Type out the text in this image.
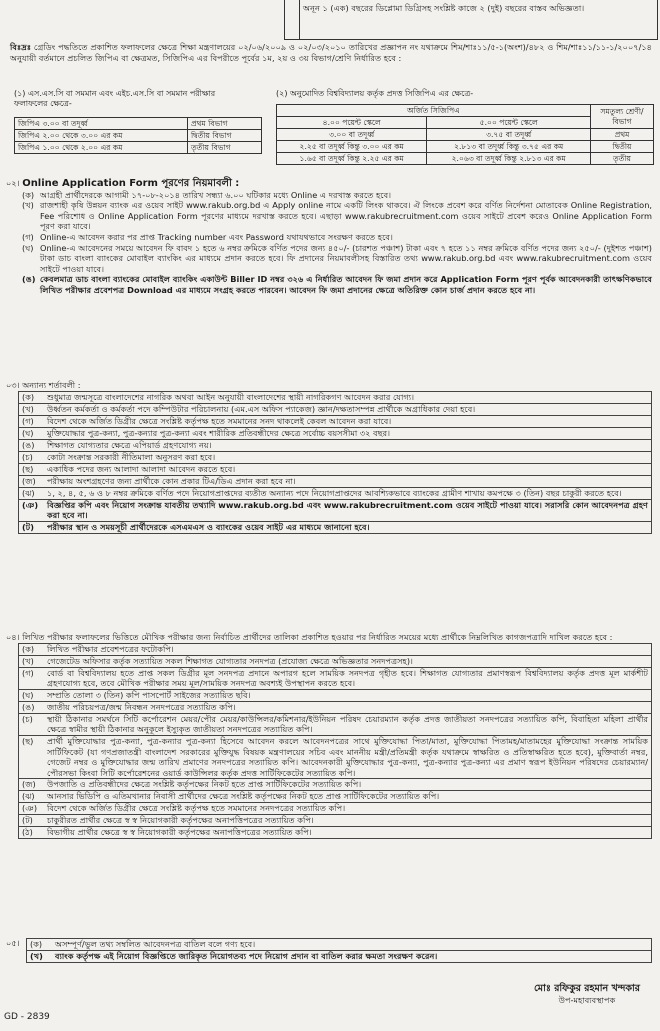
অনূন ১ (এক) বছরের ডিপ্লোমা ডিগ্রিসহ সংশ্লিষ্ট কাজে ২ (দুই) বছরের বাস্তব অভিজ্ঞতা।
বিঃদ্রঃ গ্রেডিং পদ্ধতিতে প্রকাশিত ফলাফলের ক্ষেত্রে শিক্ষা মন্ত্রণালয়ের ০২/০৬/২০০৯ ও ০২/০৩/২০১০ তারিখের প্রজ্ঞাপন নং যথাক্রমে শিম/শাঃ১১/৫-১(অংশ)/৪৮২ ও শিম/শাঃ১১/১১-১/২০০৭/১৪ অনুযায়ী বর্তমানে প্রচলিত জিপিএ বা ক্ষেত্রমত, সিজিপিএ এর বিপরীতে পূর্বের ১ম, ২য় ও ৩য় বিভাগ/শ্রেণি নির্ধারিত হবে :
(১) এস.এস.সি বা সমমান এবং এইচ.এস.সি বা সমমান পরীক্ষার ফলাফলের ক্ষেত্রে-
(২) অনুমোদিত বিশ্ববিদ্যালয় কর্তৃক প্রদত্ত সিজিপিএ এর ক্ষেত্রে-
জিপিএ ৩.০০ বা তদূর্ধ্ব	প্রথম বিভাগ
জিপিএ ২.০০ থেকে ৩.০০ এর কম	দ্বিতীয় বিভাগ
জিপিএ ১.০০ থেকে ২.০০ এর কম	তৃতীয় বিভাগ
অর্জিত সিজিপিএ		সমতুল্য শ্রেণী/বিভাগ
৪.০০ পয়েন্ট স্কেলে	৫.০০ পয়েন্ট স্কেলে	
৩.০০ বা তদূর্ধ্ব	৩.৭৫ বা তদূর্ধ্ব	প্রথম
২.২৫ বা তদূর্ধ্ব কিন্তু ৩.০০ এর কম	২.৮১৩ বা তদূর্ধ্ব কিন্তু ৩.৭৫ এর কম	দ্বিতীয়
১.৬৫ বা তদূর্ধ্ব কিন্তু ২.২৫ এর কম	২.০৬৩ বা তদূর্ধ্ব কিন্তু ২.৮১৩ এর কম	তৃতীয়
০২। Online Application Form পূরণের নিয়মাবলী :
(ক) আগ্রহী প্রার্থীদেরকে আগামী ১৭-০৮-২০১৪ তারিখ সন্ধ্যা ৬.০০ ঘটিকার মধ্যে Online এ দরখাস্ত করতে হবে।
(খ) রাজশাহী কৃষি উন্নয়ন ব্যাংক এর ওয়েব সাইট www.rakub.org.bd এ Apply online নামে একটি লিংক থাকবে। ঐ লিংকে প্রবেশ করে বর্ণিত নির্দেশনা মোতাবেক Online Registration, Fee পরিশোধ ও Online Application Form পূরণের মাধ্যমে দরখাস্ত করতে হবে। এছাড়া www.rakubrecruitment.com ওয়েব সাইটে প্রবেশ করেও Online Application Form পূরণ করা যাবে।
(গ) Online-এ আবেদন করার পর প্রাপ্ত Tracking number এবং Password যথাযথভাবে সংরক্ষণ করতে হবে।
(ঘ) Online-এ আবেদনের সময়ে আবেদন ফি বাবদ ১ হতে ৬ নম্বর ক্রমিকে বর্ণিত পদের জন্য ৪৫০/- (চারশত পঞ্চাশ) টাকা এবং ৭ হতে ১১ নম্বর ক্রমিকে বর্ণিত পদের জন্য ২৫০/- (দুইশত পঞ্চাশ) টাকা ডাচ বাংলা ব্যাংকের মোবাইল ব্যাংকিং এর মাধ্যমে প্রদান করতে হবে। ফি প্রদানের নিয়মাবলীসহ বিস্তারিত তথ্য www.rakub.org.bd এবং www.rakubrecruitment.com ওয়েব সাইটে পাওয়া যাবে।
(ঙ) কেবলমাত্র ডাচ বাংলা ব্যাংকের মোবাইল ব্যাংকিং একাউন্ট Biller ID নম্বর ৩২৬ এ নির্ধারিত আবেদন ফি জমা প্রদান করে Application Form পূরণ পূর্বক আবেদনকারী তাৎক্ষণিকভাবে লিখিত পরীক্ষার প্রবেশপত্র Download এর মাধ্যমে সংগ্রহ করতে পারবেন। আবেদন ফি জমা প্রদানের ক্ষেত্রে অতিরিক্ত কোন চার্জ প্রদান করতে হবে না।
০৩। অন্যান্য শর্তাবলী :
(ক) শুধুমাত্র জন্মসূত্রে বাংলাদেশের নাগরিক অথবা আইন অনুযায়ী বাংলাদেশের স্থায়ী নাগরিকগণ আবেদন করার যোগ্য।
(খ) উর্ধ্বতন কর্মকর্তা ও কর্মকর্তা পদে কম্পিউটার পরিচালনায় (এম.এস অফিস প্যাকেজ) জ্ঞান/দক্ষতাসম্পন্ন প্রার্থীকে অগ্রাধিকার দেয়া হবে।
(গ) বিদেশ থেকে অর্জিত ডিগ্রীর ক্ষেত্রে সংশ্লিষ্ট কর্তৃপক্ষ হতে সমমানের সনদ থাকলেই কেবল আবেদন করা যাবে।
(ঘ) মুক্তিযোদ্ধার পুত্র-কন্যা, পুত্র-কন্যার পুত্র-কন্যা এবং শারীরিক প্রতিবন্ধীদের ক্ষেত্রে সর্বোচ্চ বয়সসীমা ৩২ বছর।
(ঙ) শিক্ষাগত যোগ্যতার ক্ষেত্রে এপিয়ার্ড গ্রহণযোগ্য নয়।
(চ) কোটা সংক্রান্ত সরকারী নীতিমালা অনুসরণ করা হবে।
(ছ) একাধিক পদের জন্য আলাদা আলাদা আবেদন করতে হবে।
(জ) পরীক্ষায় অংশগ্রহণের জন্য প্রার্থীকে কোন প্রকার টিএ/ডিএ প্রদান করা হবে না।
(ঝ) ১, ২, ৪, ৫, ৬ ও ৮ নম্বর ক্রমিকে বর্ণিত পদে নিয়োগপ্রাপ্তদের ব্যতীত অন্যান্য পদে নিয়োগপ্রাপ্তদের আবশ্যিকভাবে ব্যাংকের গ্রামীণ শাখায় কমপক্ষে ৩ (তিন) বছর চাকুরী করতে হবে।
(ঞ) বিজ্ঞপ্তির কপি এবং নিয়োগ সংক্রান্ত যাবতীয় তথ্যাদি www.rakub.org.bd এবং www.rakubrecruitment.com ওয়েব সাইটে পাওয়া যাবে। সরাসরি কোন আবেদনপত্র গ্রহণ করা হবে না।
(ট) পরীক্ষার স্থান ও সময়সূচী প্রার্থীদেরকে এসএমএস ও ব্যাংকের ওয়েব সাইট এর মাধ্যমে জানানো হবে।
০৪। লিখিত পরীক্ষার ফলাফলের ভিত্তিতে মৌখিক পরীক্ষার জন্য নির্বাচিত প্রার্থীদের তালিকা প্রকাশিত হওয়ার পর নির্ধারিত সময়ের মধ্যে প্রার্থীকে নিম্নলিখিত কাগজপত্রাদি দাখিল করতে হবে :
(ক) লিখিত পরীক্ষার প্রবেশপত্রের ফটোকপি।
(খ) গেজেটেড অফিসার কর্তৃক সত্যায়িত সকল শিক্ষাগত যোগ্যতার সনদপত্র (প্রযোজ্য ক্ষেত্রে অভিজ্ঞতার সনদপত্রসহ)।
(গ) বোর্ড বা বিশ্ববিদ্যালয় হতে প্রাপ্ত সকল ডিগ্রীর মূল সনদপত্র প্রদানে অপারগ হলে সাময়িক সনদপত্র গৃহীত হবে। শিক্ষাগত যোগ্যতার প্রমাণস্বরূপ বিশ্ববিদ্যালয় কর্তৃক প্রদত্ত মূল মার্কশীট গ্রহণযোগ্য হবে, তবে মৌখিক পরীক্ষার সময় মূল/সাময়িক সনদপত্র অবশ্যই উপস্থাপন করতে হবে।
(ঘ) সম্প্রতি তোলা ৩ (তিন) কপি পাসপোর্ট সাইজের সত্যায়িত ছবি।
(ঙ) জাতীয় পরিচয়পত্র/জন্ম নিবন্ধন সনদপত্রের সত্যায়িত কপি।
(চ) স্থায়ী ঠিকানার সমর্থনে সিটি কর্পোরেশন মেয়র/পৌর মেয়র/কাউন্সিলর/কমিশনার/ইউনিয়ন পরিষদ চেয়ারম্যান কর্তৃক প্রদত্ত জাতীয়তা সনদপত্রের সত্যায়িত কপি, বিবাহিতা মহিলা প্রার্থীর ক্ষেত্রে স্বামীর স্থায়ী ঠিকানার অনুকূলে ইস্যুকৃত জাতীয়তা সনদপত্রের সত্যায়িত কপি।
(ছ) প্রার্থী মুক্তিযোদ্ধার পুত্র-কন্যা, পুত্র-কন্যার পুত্র-কন্যা হিসেবে আবেদন করলে আবেদনপত্রের সাথে মুক্তিযোদ্ধা পিতা/মাতা, মুক্তিযোদ্ধা পিতামহ/মাতামহের মুক্তিযোদ্ধা সংক্রান্ত সাময়িক সার্টিফিকেট (যা গণপ্রজাতন্ত্রী বাংলাদেশ সরকারের মুক্তিযুদ্ধ বিষয়ক মন্ত্রণালয়ের সচিব এবং মাননীয় মন্ত্রী/প্রতিমন্ত্রী কর্তৃক যথাক্রমে স্বাক্ষরিত ও প্রতিস্বাক্ষরিত হতে হবে), মুক্তিবার্তা নম্বর, গেজেট নম্বর ও মুক্তিযোদ্ধার জন্ম তারিখ প্রমাণের সনদপত্রের সত্যায়িত কপি। আবেদনকারী মুক্তিযোদ্ধার পুত্র-কন্যা, পুত্র-কন্যার পুত্র-কন্যা এর প্রমাণ স্বরূপ ইউনিয়ন পরিষদের চেয়ারম্যান/পৌরসভা কিংবা সিটি কর্পোরেশনের ওয়ার্ড কাউন্সিলর কর্তৃক প্রদত্ত সার্টিফিকেটের সত্যায়িত কপি।
(জ) উপজাতি ও প্রতিবন্ধীদের ক্ষেত্রে সংশ্লিষ্ট কর্তৃপক্ষের নিকট হতে প্রাপ্ত সার্টিফিকেটের সত্যায়িত কপি।
(ঝ) আনসার ভিডিপি ও এতিমখানার নিবাসী প্রার্থীদের ক্ষেত্রে সংশ্লিষ্ট কর্তৃপক্ষের নিকট হতে প্রাপ্ত সার্টিফিকেটের সত্যায়িত কপি।
(ঞ) বিদেশ থেকে অর্জিত ডিগ্রীর ক্ষেত্রে সংশ্লিষ্ট কর্তৃপক্ষ হতে সমমানের সনদপত্রের সত্যায়িত কপি।
(ট) চাকুরীরত প্রার্থীর ক্ষেত্রে স্ব স্ব নিয়োগকারী কর্তৃপক্ষের অনাপত্তিপত্রের সত্যায়িত কপি।
(ঠ) বিভাগীয় প্রার্থীর ক্ষেত্রে স্ব স্ব নিয়োগকারী কর্তৃপক্ষের অনাপত্তিপত্রের সত্যায়িত কপি।
০৫। (ক) অসম্পূর্ণ/ভুল তথ্য সম্বলিত আবেদনপত্র বাতিল বলে গণ্য হবে।
(খ) ব্যাংক কর্তৃপক্ষ এই নিয়োগ বিজ্ঞপ্তিতে জারিকৃত নিয়োগতব্য পদে নিয়োগ প্রদান বা বাতিল করার ক্ষমতা সংরক্ষণ করেন।
মোঃ রফিকুর রহমান খন্দকার
উপ-মহাব্যবস্থাপক
GD - 2839
